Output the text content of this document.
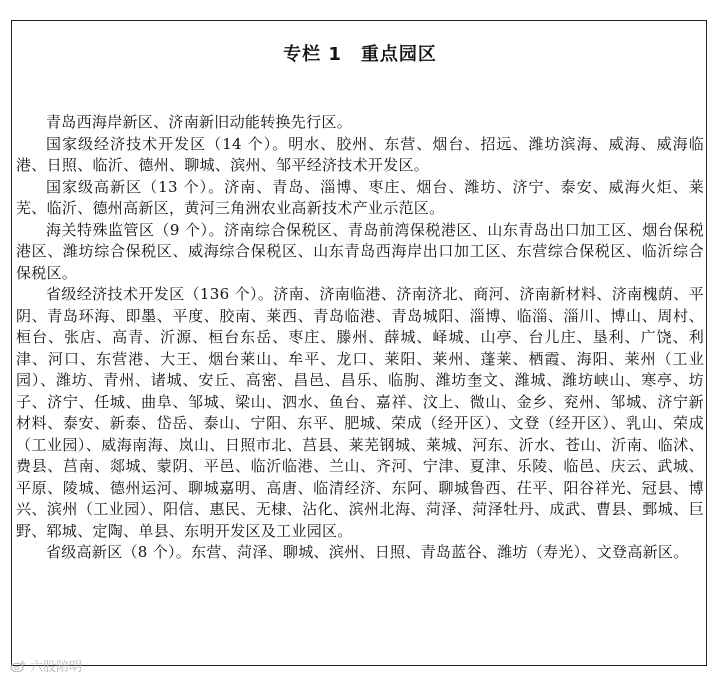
专栏 1　重点园区

青岛西海岸新区、济南新旧动能转换先行区。

国家级经济技术开发区（14 个）。明水、胶州、东营、烟台、招远、潍坊滨海、威海、威海临港、日照、临沂、德州、聊城、滨州、邹平经济技术开发区。

国家级高新区（13 个）。济南、青岛、淄博、枣庄、烟台、潍坊、济宁、泰安、威海火炬、莱芜、临沂、德州高新区，黄河三角洲农业高新技术产业示范区。

海关特殊监管区（9 个）。济南综合保税区、青岛前湾保税港区、山东青岛出口加工区、烟台保税港区、潍坊综合保税区、威海综合保税区、山东青岛西海岸出口加工区、东营综合保税区、临沂综合保税区。

省级经济技术开发区（136 个）。济南、济南临港、济南济北、商河、济南新材料、济南槐荫、平阴、青岛环海、即墨、平度、胶南、莱西、青岛临港、青岛城阳、淄博、临淄、淄川、博山、周村、桓台、张店、高青、沂源、桓台东岳、枣庄、滕州、薛城、峄城、山亭、台儿庄、垦利、广饶、利津、河口、东营港、大王、烟台莱山、牟平、龙口、莱阳、莱州、蓬莱、栖霞、海阳、莱州（工业园）、潍坊、青州、诸城、安丘、高密、昌邑、昌乐、临朐、潍坊奎文、潍城、潍坊峡山、寒亭、坊子、济宁、任城、曲阜、邹城、梁山、泗水、鱼台、嘉祥、汶上、微山、金乡、兖州、邹城、济宁新材料、泰安、新泰、岱岳、泰山、宁阳、东平、肥城、荣成（经开区）、文登（经开区）、乳山、荣成（工业园）、威海南海、岚山、日照市北、莒县、莱芜钢城、莱城、河东、沂水、苍山、沂南、临沭、费县、莒南、郯城、蒙阴、平邑、临沂临港、兰山、齐河、宁津、夏津、乐陵、临邑、庆云、武城、平原、陵城、德州运河、聊城嘉明、高唐、临清经济、东阿、聊城鲁西、茌平、阳谷祥光、冠县、博兴、滨州（工业园）、阳信、惠民、无棣、沾化、滨州北海、菏泽、菏泽牡丹、成武、曹县、鄄城、巨野、郓城、定陶、单县、东明开发区及工业园区。

省级高新区（8 个）。东营、菏泽、聊城、滨州、日照、青岛蓝谷、潍坊（寿光）、文登高新区。

六股陪明
